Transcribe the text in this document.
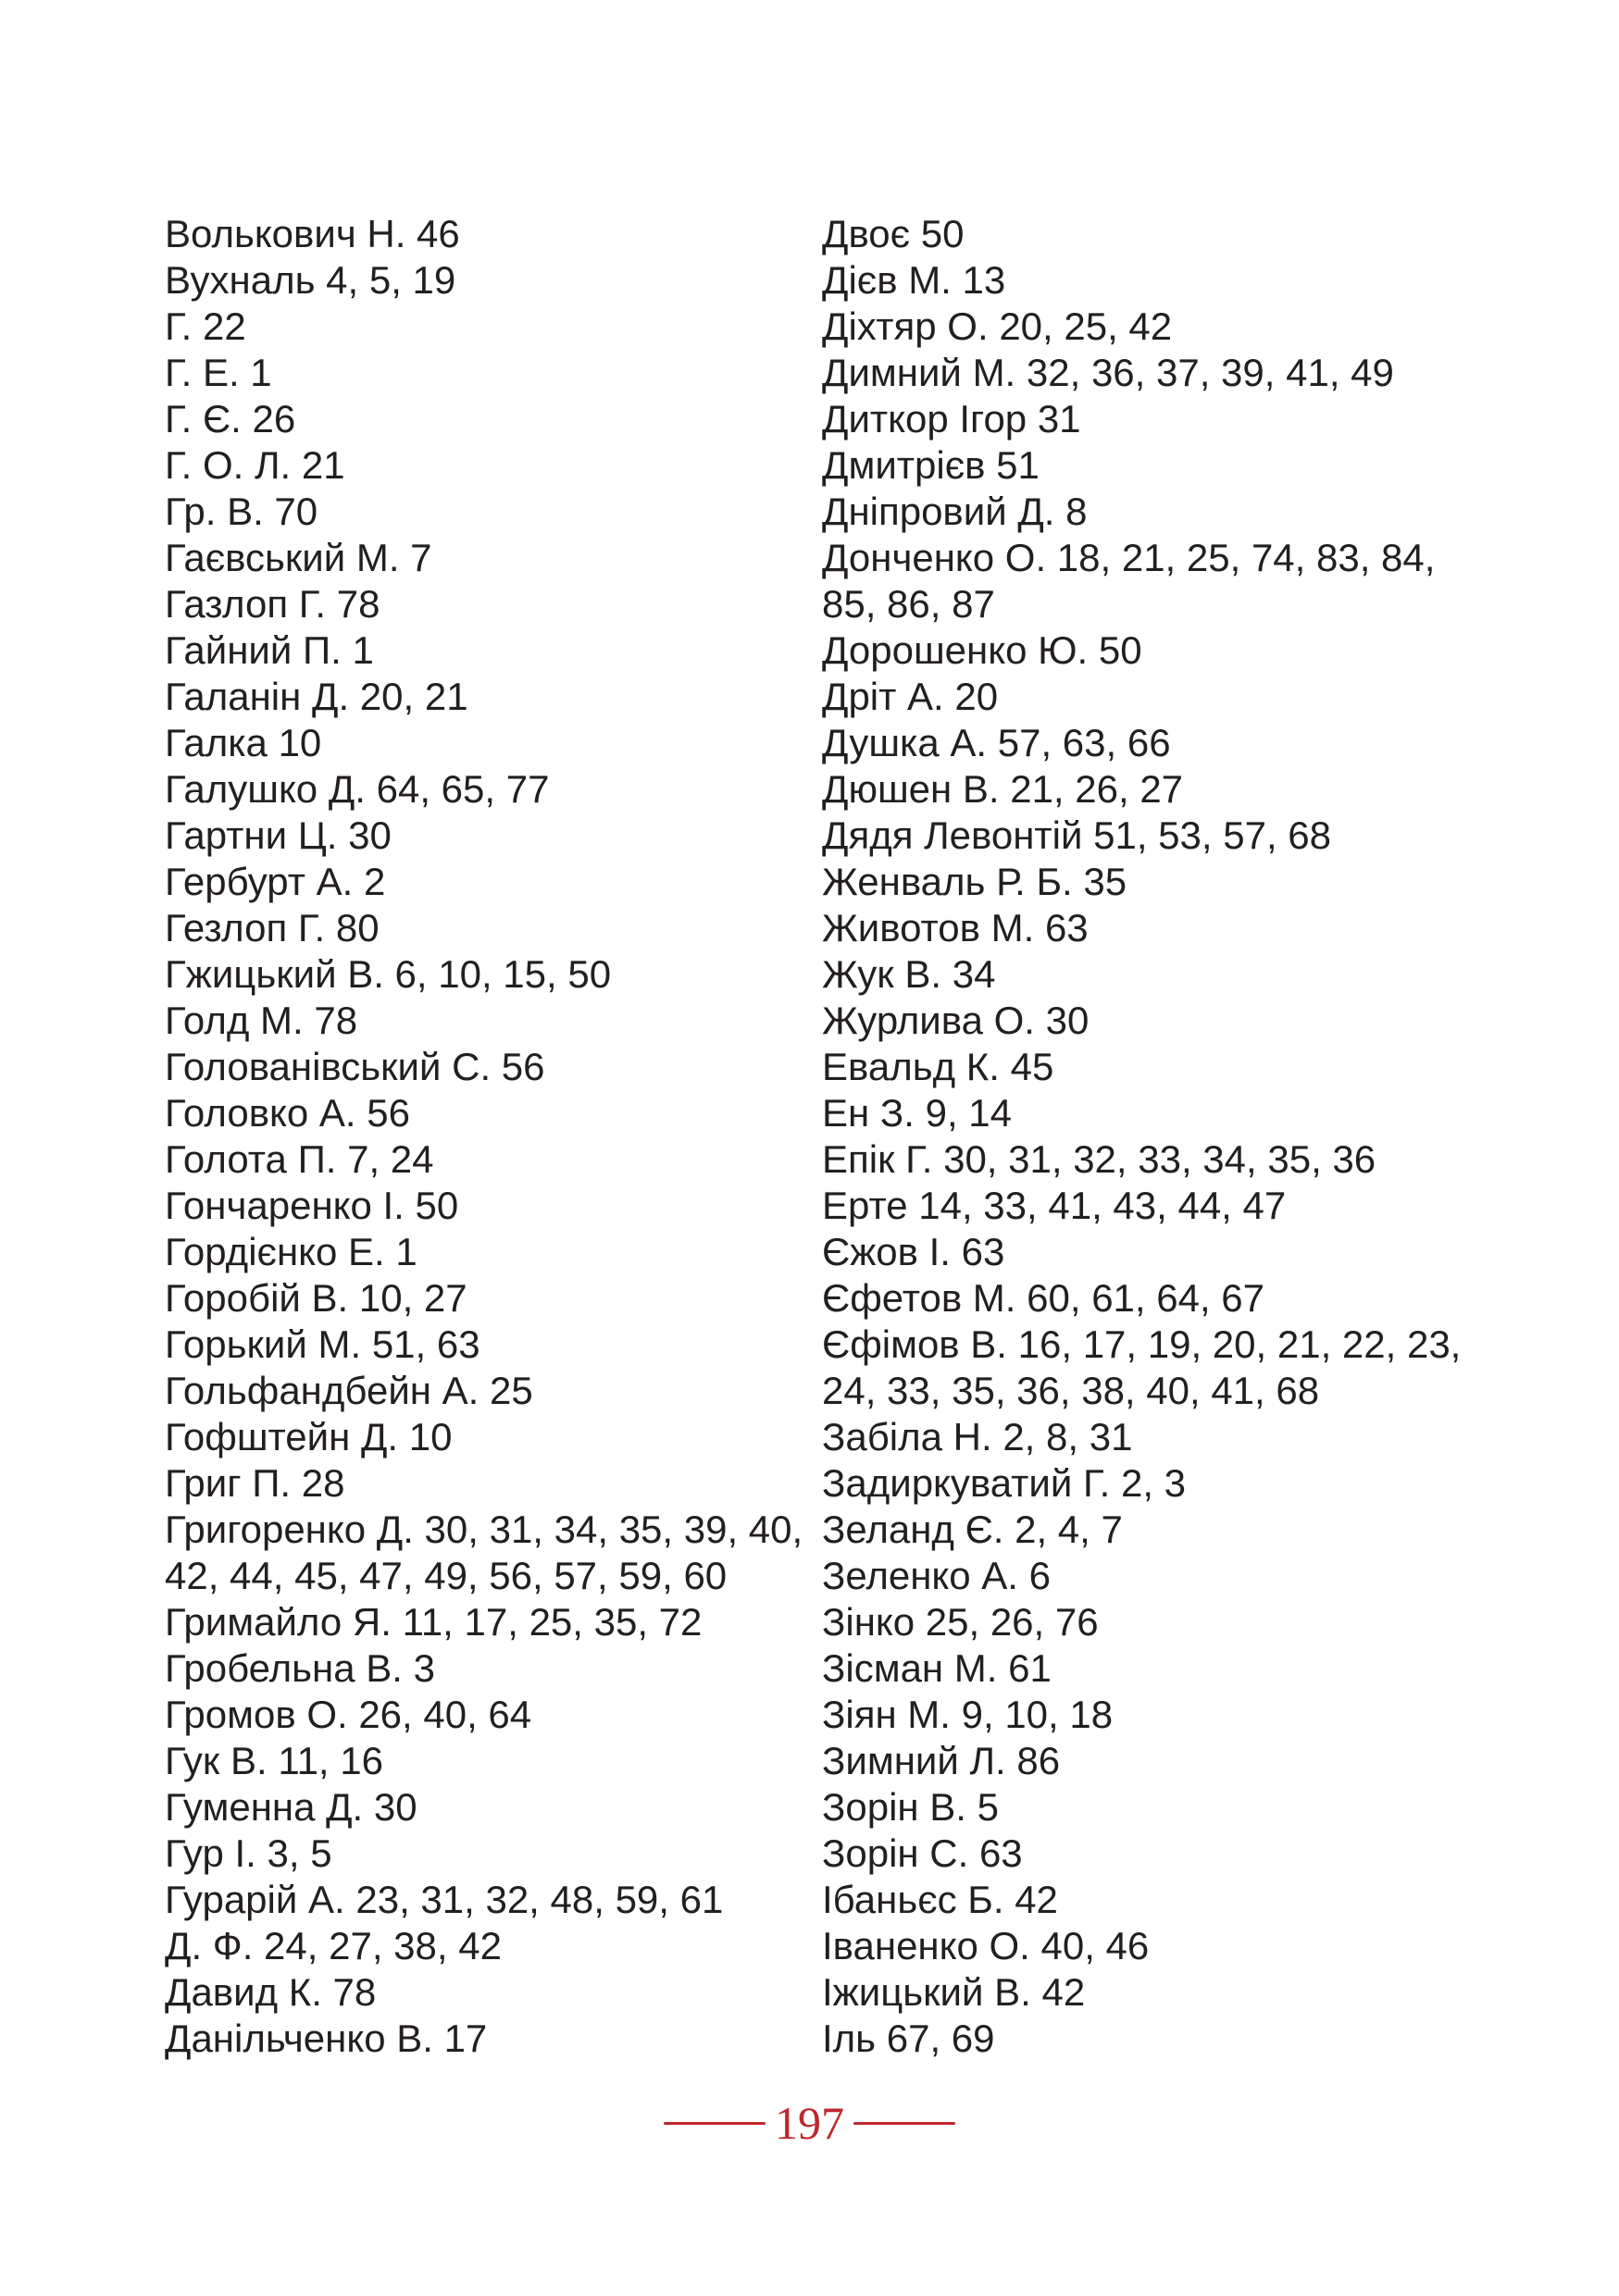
Волькович Н. 46
Вухналь 4, 5, 19
Г. 22
Г. Е. 1
Г. Є. 26
Г. О. Л. 21
Гр. В. 70
Гаєвський М. 7
Газлоп Г. 78
Гайний П. 1
Галанін Д. 20, 21
Галка 10
Галушко Д. 64, 65, 77
Гартни Ц. 30
Гербурт А. 2
Гезлоп Г. 80
Гжицький В. 6, 10, 15, 50
Голд М. 78
Голованівський С. 56
Головко А. 56
Голота П. 7, 24
Гончаренко І. 50
Гордієнко Е. 1
Горобій В. 10, 27
Горький М. 51, 63
Гольфандбейн А. 25
Гофштейн Д. 10
Григ П. 28
Григоренко Д. 30, 31, 34, 35, 39, 40,
42, 44, 45, 47, 49, 56, 57, 59, 60
Гримайло Я. 11, 17, 25, 35, 72
Гробельна В. 3
Громов О. 26, 40, 64
Гук В. 11, 16
Гуменна Д. 30
Гур І. 3, 5
Гурарій А. 23, 31, 32, 48, 59, 61
Д. Ф. 24, 27, 38, 42
Давид К. 78
Данільченко В. 17
Двоє 50
Дієв М. 13
Діхтяр О. 20, 25, 42
Димний М. 32, 36, 37, 39, 41, 49
Диткор Ігор 31
Дмитрієв 51
Дніпровий Д. 8
Донченко О. 18, 21, 25, 74, 83, 84,
85, 86, 87
Дорошенко Ю. 50
Дріт А. 20
Душка А. 57, 63, 66
Дюшен В. 21, 26, 27
Дядя Левонтій 51, 53, 57, 68
Женваль Р. Б. 35
Животов М. 63
Жук В. 34
Журлива О. 30
Евальд К. 45
Ен З. 9, 14
Епік Г. 30, 31, 32, 33, 34, 35, 36
Ерте 14, 33, 41, 43, 44, 47
Єжов І. 63
Єфетов М. 60, 61, 64, 67
Єфімов В. 16, 17, 19, 20, 21, 22, 23,
24, 33, 35, 36, 38, 40, 41, 68
Забіла Н. 2, 8, 31
Задиркуватий Г. 2, 3
Зеланд Є. 2, 4, 7
Зеленко А. 6
Зінко 25, 26, 76
Зісман М. 61
Зіян М. 9, 10, 18
Зимний Л. 86
Зорін В. 5
Зорін С. 63
Ібаньєс Б. 42
Іваненко О. 40, 46
Іжицький В. 42
Іль 67, 69
197
